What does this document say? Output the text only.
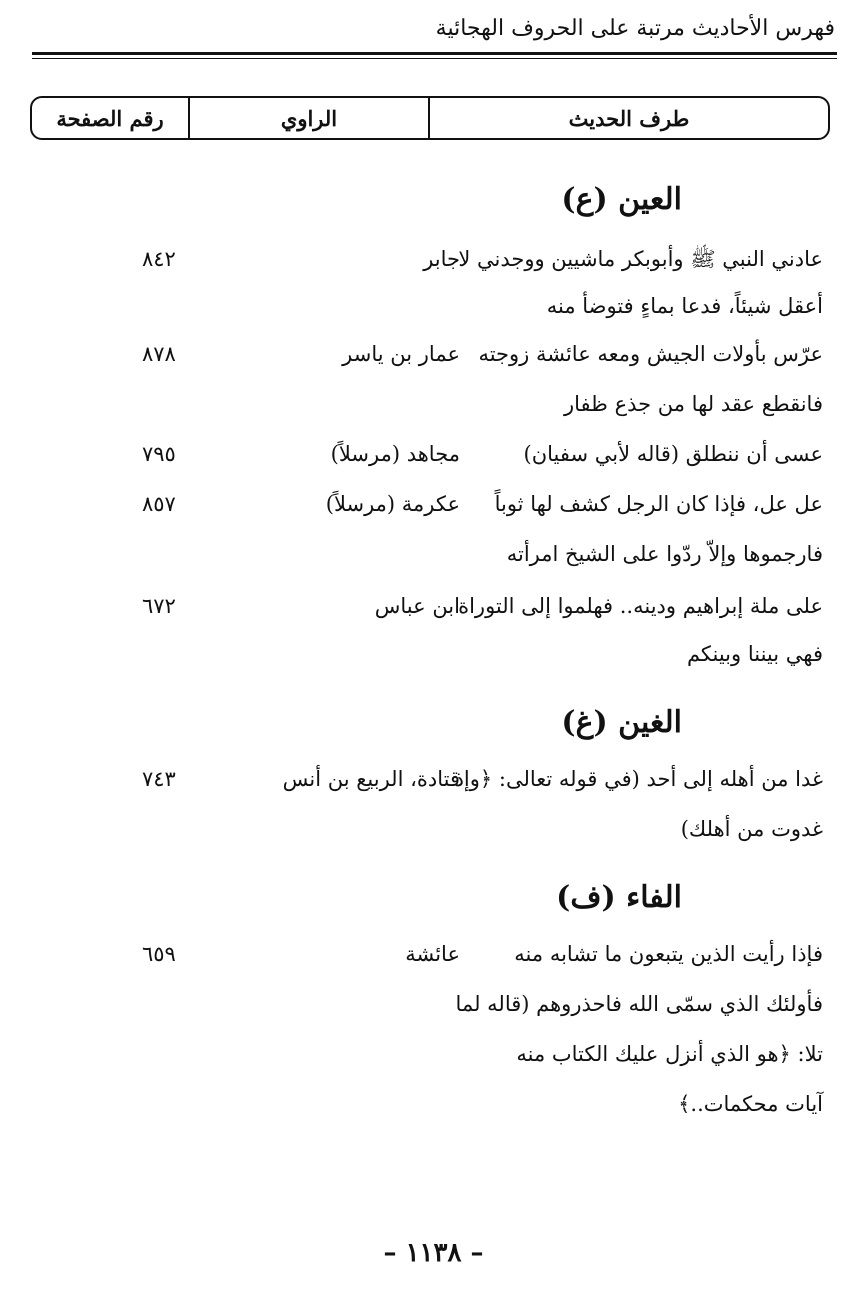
فهرس الأحاديث مرتبة على الحروف الهجائية
طرف الحديث
الراوي
رقم الصفحة
العين (ع)
عادني النبي ﷺ وأبوبكر ماشيين ووجدني لا
جابر
٨٤٢
أعقل شيئاً، فدعا بماءٍ فتوضأ منه
عرّس بأولات الجيش ومعه عائشة زوجته
عمار بن ياسر
٨٧٨
فانقطع عقد لها من جذع ظفار
عسى أن ننطلق (قاله لأبي سفيان)
مجاهد (مرسلاً)
٧٩٥
عل عل، فإذا كان الرجل كشف لها ثوباً
عكرمة (مرسلاً)
٨٥٧
فارجموها وإلاّ ردّوا على الشيخ امرأته
على ملة إبراهيم ودينه.. فهلموا إلى التوراة
ابن عباس
٦٧٢
فهي بيننا وبينكم
الغين (غ)
غدا من أهله إلى أحد (في قوله تعالى: ﴿وإذ
قتادة، الربيع بن أنس
٧٤٣
غدوت من أهلك)
الفاء (ف)
فإذا رأيت الذين يتبعون ما تشابه منه
عائشة
٦٥٩
فأولئك الذي سمّى الله فاحذروهم (قاله لما
تلا: ﴿هو الذي أنزل عليك الكتاب منه
آيات محكمات..﴾
– ١١٣٨ –
